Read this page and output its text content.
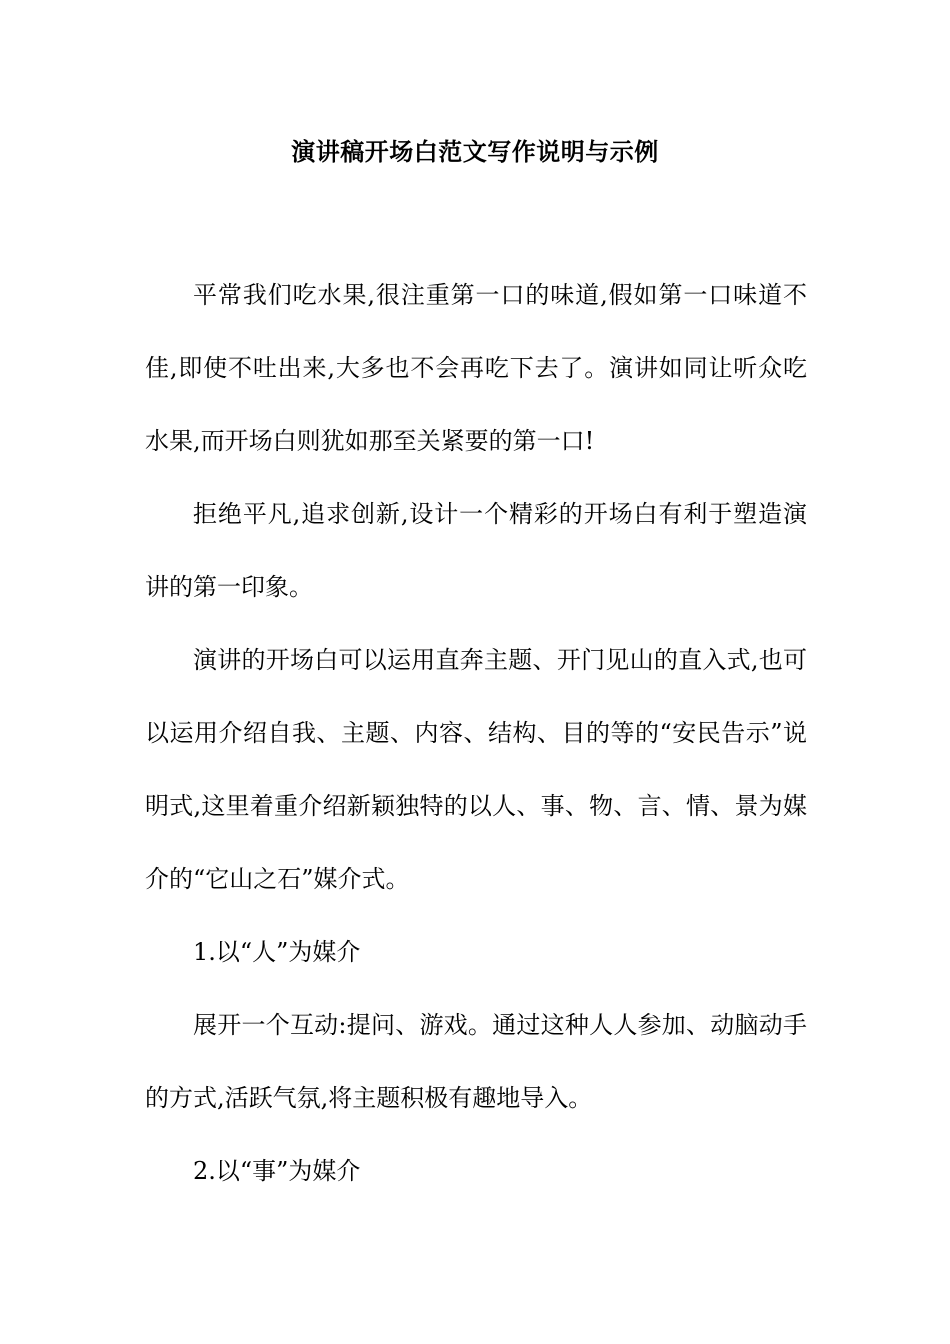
演讲稿开场白范文写作说明与示例

平常我们吃水果,很注重第一口的味道,假如第一口味道不佳,即使不吐出来,大多也不会再吃下去了。演讲如同让听众吃水果,而开场白则犹如那至关紧要的第一口!

拒绝平凡,追求创新,设计一个精彩的开场白有利于塑造演讲的第一印象。

演讲的开场白可以运用直奔主题、开门见山的直入式,也可以运用介绍自我、主题、内容、结构、目的等的“安民告示”说明式,这里着重介绍新颖独特的以人、事、物、言、情、景为媒介的“它山之石”媒介式。

1.以“人”为媒介

展开一个互动:提问、游戏。通过这种人人参加、动脑动手的方式,活跃气氛,将主题积极有趣地导入。

2.以“事”为媒介
